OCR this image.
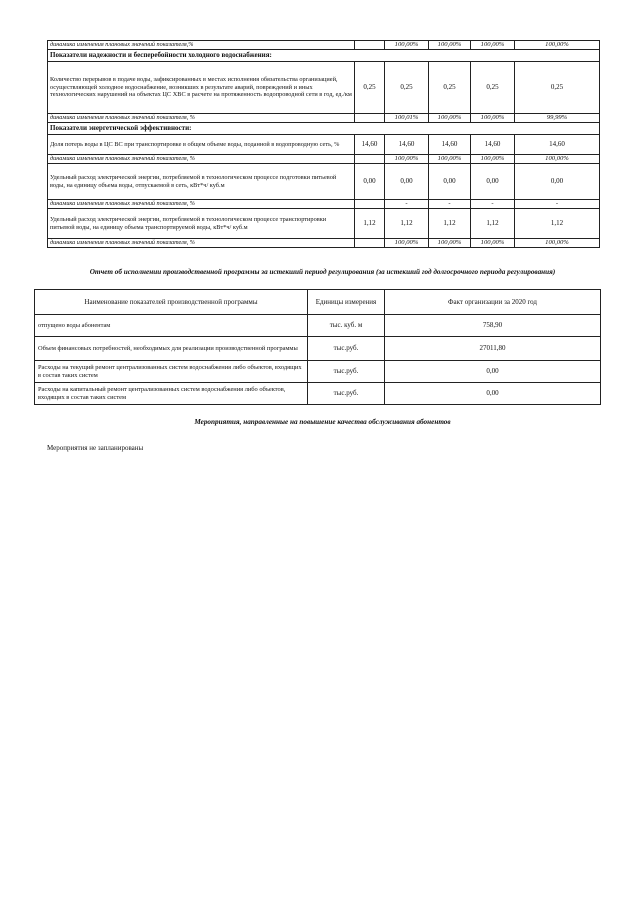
динамика изменения плановых значений показателя,%		100,00%	100,00%	100,00%	100,00%
Показатели надежности и бесперебойности холодного водоснабжения:					
Количество перерывов в подаче воды, зафиксированных в местах исполнения обязательства организацией, осуществляющей холодное водоснабжение, возникших в результате аварий, повреждений и иных технологических нарушений на объектах ЦС ХВС в расчете на протяженность водопроводной сети в год, ед./км	0,25	0,25	0,25	0,25	0,25
динамика изменения плановых значений показателя, %		100,01%	100,00%	100,00%	99,99%
Показатели энергетической эффективности:					
Доля потерь воды в ЦС ВС при транспортировке в общем объеме воды, поданной в водопроводную сеть, %	14,60	14,60	14,60	14,60	14,60
динамика изменения плановых значений показателя, %		100,00%	100,00%	100,00%	100,00%
Удельный расход электрической энергии, потребляемой в технологическом процессе подготовки питьевой воды, на единицу объема воды, отпускаемой в сеть, кВт*ч/ куб.м	0,00	0,00	0,00	0,00	0,00
динамика изменения плановых значений показателя, %		-	-	-	-
Удельный расход электрической энергии, потребляемой в технологическом процессе транспортировки питьевой воды, на единицу объема транспортируемой воды, кВт*ч/ куб.м	1,12	1,12	1,12	1,12	1,12
динамика изменения плановых значений показателя, %		100,00%	100,00%	100,00%	100,00%
Отчет об исполнении производственной программы за истекший период регулирования (за истекший год долгосрочного периода регулирования)
Наименование показателей производственной программы	Единицы измерения	Факт организации за 2020 год
отпущено воды абонентам	тыс. куб. м	758,90
Объем финансовых потребностей, необходимых для реализации производственной программы	тыс.руб.	27011,80
Расходы на текущий ремонт централизованных систем водоснабжения либо объектов, входящих в состав таких систем	тыс.руб.	0,00
Расходы на капитальный ремонт централизованных систем водоснабжения либо объектов, входящих в состав таких систем	тыс.руб.	0,00
Мероприятия, направленные на повышение качества обслуживания абонентов
Мероприятия не запланированы
